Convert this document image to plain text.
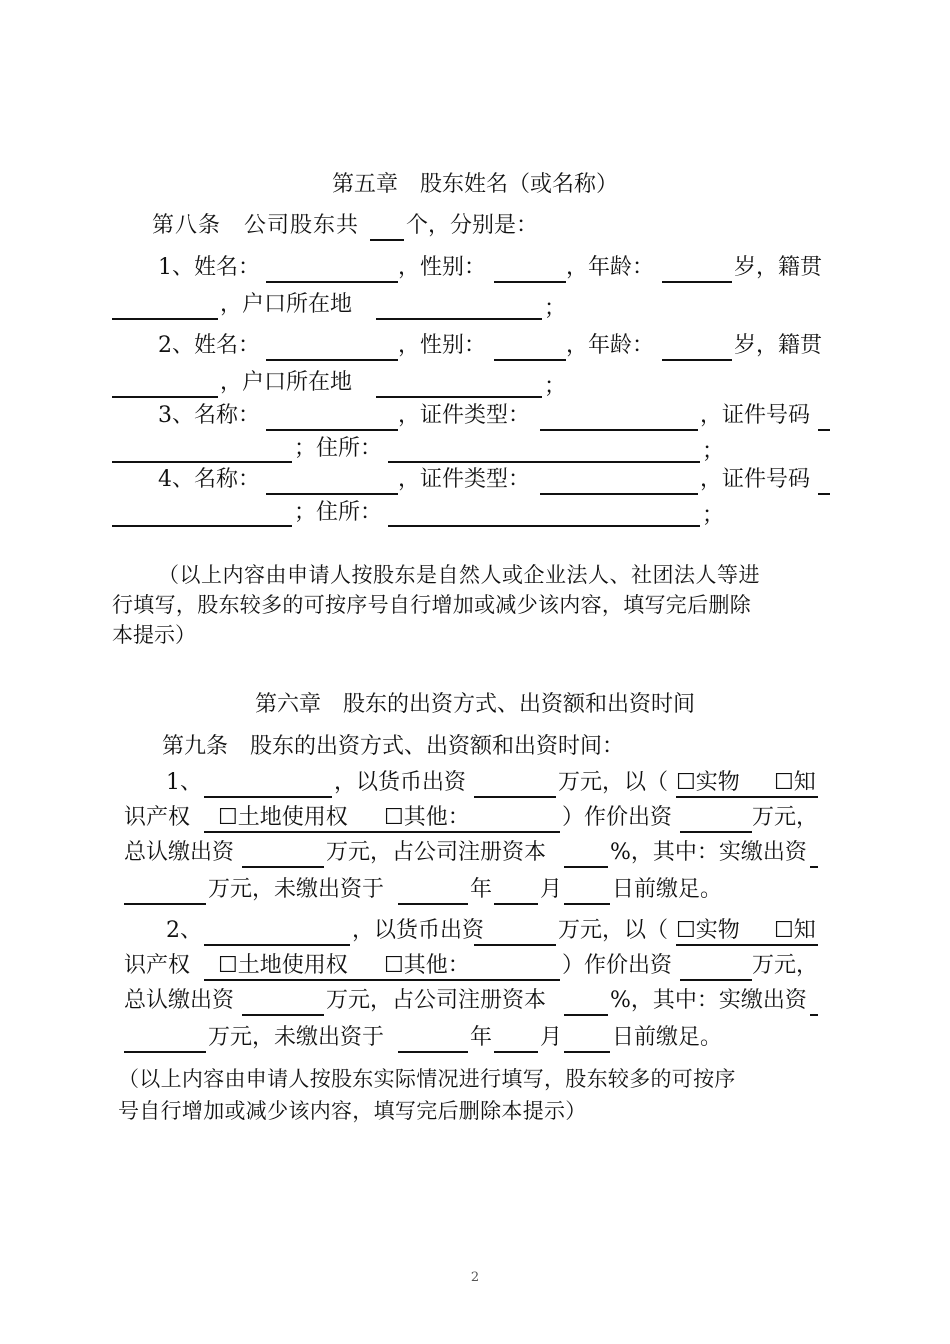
第五章　股东姓名（或名称）
第八条　公司股东共 个，分别是：
1、姓名：	，性别：	，年龄：	岁，籍贯
，户口所在地	；
2、姓名：	，性别：	，年龄：	岁，籍贯
，户口所在地	；
3、名称：	，证件类型：	，证件号码
；住所：	；
4、名称：	，证件类型：	，证件号码
；住所：	；
（以上内容由申请人按股东是自然人或企业法人、社团法人等进
行填写，股东较多的可按序号自行增加或减少该内容，填写完后删除
本提示）
第六章　股东的出资方式、出资额和出资时间
第九条　股东的出资方式、出资额和出资时间：
1、	，以货币出资	万元，以（ ☐实物 ☐知
识产权 ☐土地使用权 ☐其他：	）作价出资	万元，
总认缴出资	万元，占公司注册资本	%，其中：实缴出资
万元，未缴出资于	年 月 日前缴足。
2、	，以货币出资	万元，以（ ☐实物 ☐知
识产权 ☐土地使用权 ☐其他：	）作价出资	万元，
总认缴出资	万元，占公司注册资本	%，其中：实缴出资
万元，未缴出资于	年 月 日前缴足。
（以上内容由申请人按股东实际情况进行填写，股东较多的可按序
号自行增加或减少该内容，填写完后删除本提示）
2
